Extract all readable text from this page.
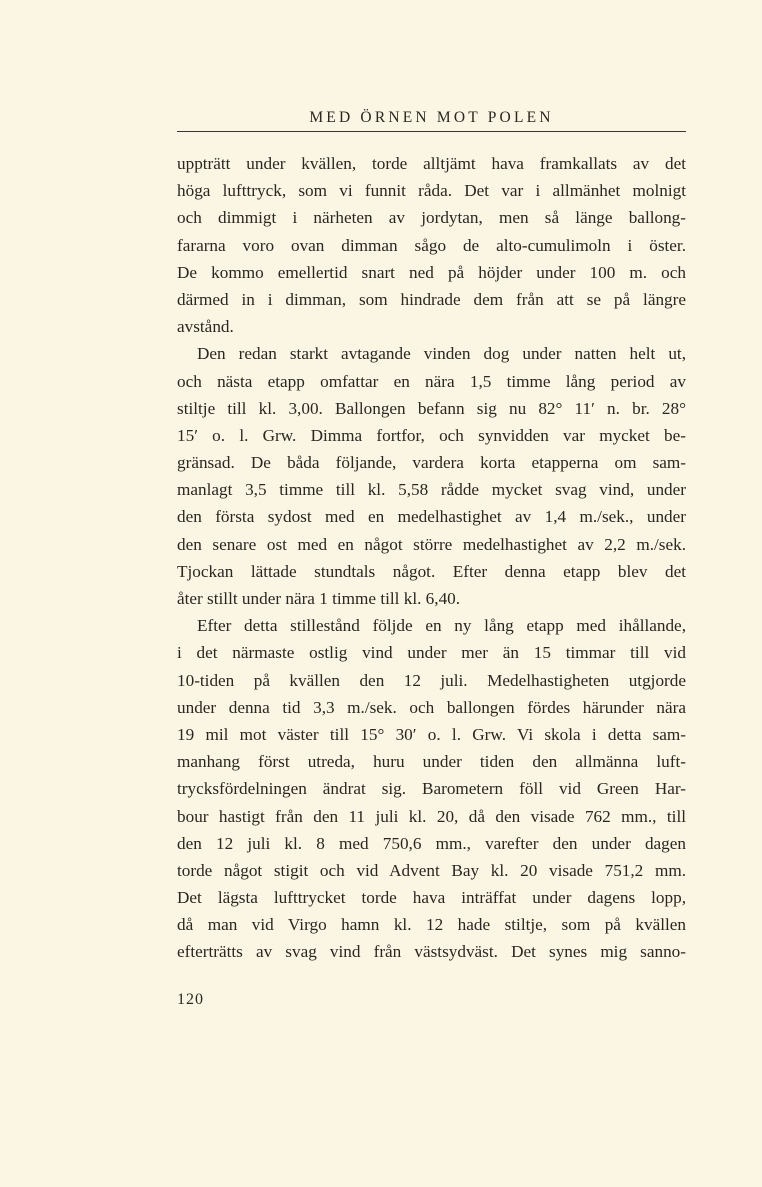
MED ÖRNEN MOT POLEN
uppträtt under kvällen, torde alltjämt hava framkallats av det
höga lufttryck, som vi funnit råda. Det var i allmänhet molnigt
och dimmigt i närheten av jordytan, men så länge ballong-
fararna voro ovan dimman sågo de alto-cumulimoln i öster.
De kommo emellertid snart ned på höjder under 100 m. och
därmed in i dimman, som hindrade dem från att se på längre
avstånd.
Den redan starkt avtagande vinden dog under natten helt ut,
och nästa etapp omfattar en nära 1,5 timme lång period av
stiltje till kl. 3,00. Ballongen befann sig nu 82° 11′ n. br. 28°
15′ o. l. Grw. Dimma fortfor, och synvidden var mycket be-
gränsad. De båda följande, vardera korta etapperna om sam-
manlagt 3,5 timme till kl. 5,58 rådde mycket svag vind, under
den första sydost med en medelhastighet av 1,4 m./sek., under
den senare ost med en något större medelhastighet av 2,2 m./sek.
Tjockan lättade stundtals något. Efter denna etapp blev det
åter stillt under nära 1 timme till kl. 6,40.
Efter detta stillestånd följde en ny lång etapp med ihållande,
i det närmaste ostlig vind under mer än 15 timmar till vid
10-tiden på kvällen den 12 juli. Medelhastigheten utgjorde
under denna tid 3,3 m./sek. och ballongen fördes härunder nära
19 mil mot väster till 15° 30′ o. l. Grw. Vi skola i detta sam-
manhang först utreda, huru under tiden den allmänna luft-
trycksfördelningen ändrat sig. Barometern föll vid Green Har-
bour hastigt från den 11 juli kl. 20, då den visade 762 mm., till
den 12 juli kl. 8 med 750,6 mm., varefter den under dagen
torde något stigit och vid Advent Bay kl. 20 visade 751,2 mm.
Det lägsta lufttrycket torde hava inträffat under dagens lopp,
då man vid Virgo hamn kl. 12 hade stiltje, som på kvällen
efterträtts av svag vind från västsydväst. Det synes mig sanno-
120
